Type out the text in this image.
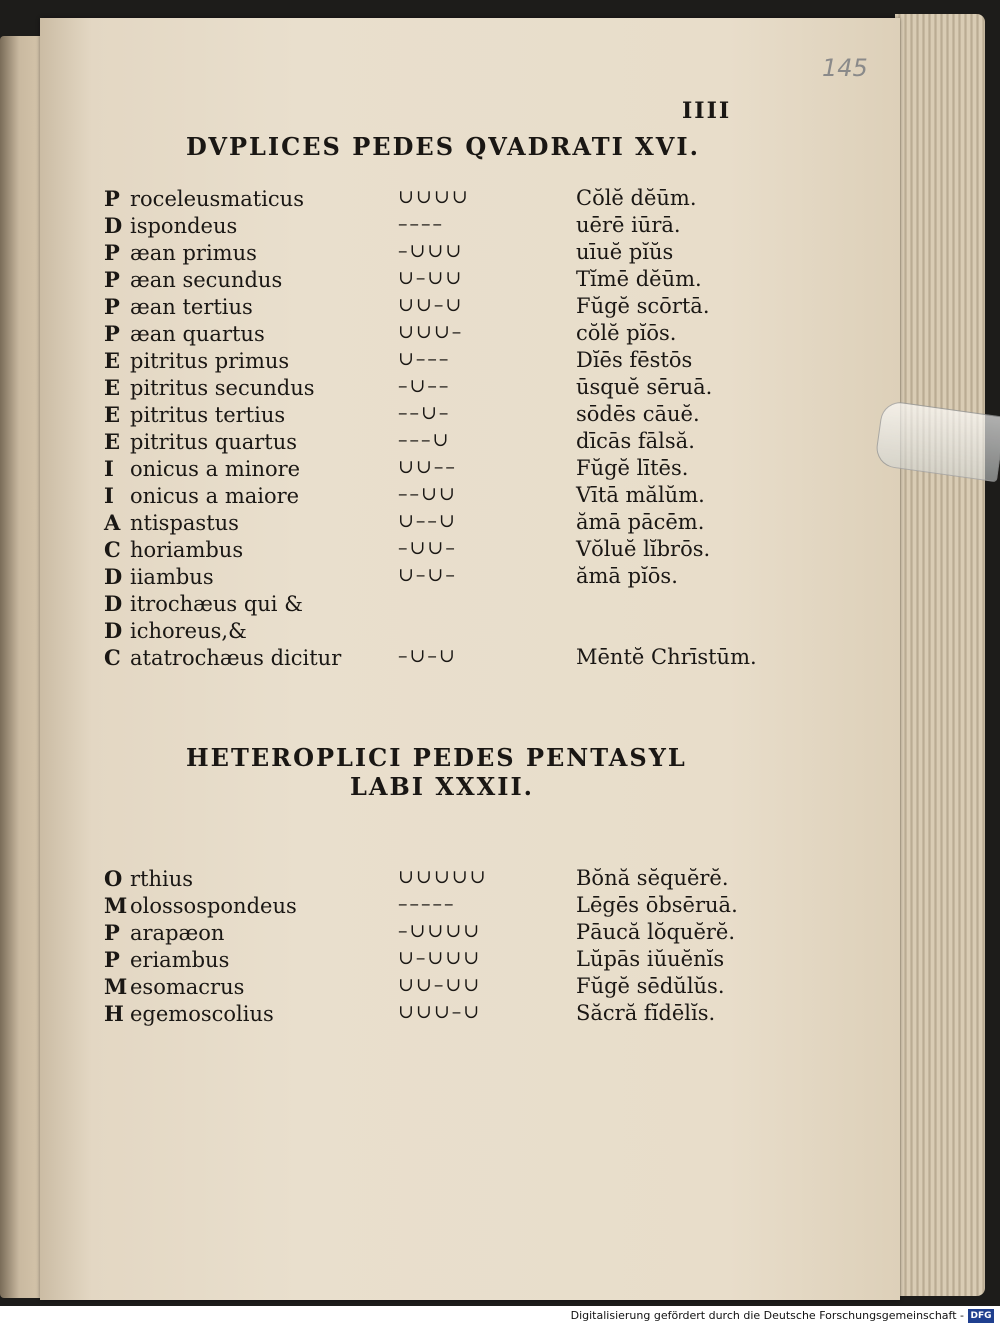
145
IIII
DVPLICES PEDES QVADRATI XVI.
P roceleusmaticus	∪∪∪∪	Cŏlĕ dĕūm.
D ispondeus	––––	uērē iūrā.
P æan primus	–∪∪∪	uīuĕ pĭŭs
P æan secundus	∪–∪∪	Tĭmē dĕūm.
P æan tertius	∪∪–∪	Fŭgĕ scōrtā.
P æan quartus	∪∪∪–	cŏlĕ pĭōs.
E pitritus primus	∪–––	Dĭēs fēstōs
E pitritus secundus	–∪––	ūsquĕ sēruā.
E pitritus tertius	––∪–	sōdēs cāuĕ.
E pitritus quartus	–––∪	dīcās fālsă.
I onicus a minore	∪∪––	Fŭgĕ lītēs.
I onicus a maiore	––∪∪	Vītā mălŭm.
A ntispastus	∪––∪	ămā pācēm.
C horiambus	–∪∪–	Vŏluĕ lĭbrōs.
D iiambus	∪–∪–	ămā pĭōs.
D itrochæus qui &
D ichoreus,&
C atatrochæus dicitur	–∪–∪	Mēntĕ Chrīstūm.
HETEROPLICI PEDES PENTASYL
LABI XXXII.
O rthius	∪∪∪∪∪	Bŏnă sĕquĕrĕ.
M olossospondeus	–––––	Lēgēs ōbsēruā.
P arapæon	–∪∪∪∪	Pāucă lŏquĕrĕ.
P eriambus	∪–∪∪∪	Lŭpās iŭuĕnĭs
M esomacrus	∪∪–∪∪	Fŭgĕ sēdŭlŭs.
H egemoscolius	∪∪∪–∪	Săcră fĭdēlĭs.
Digitalisierung gefördert durch die Deutsche Forschungsgemeinschaft - DFG
